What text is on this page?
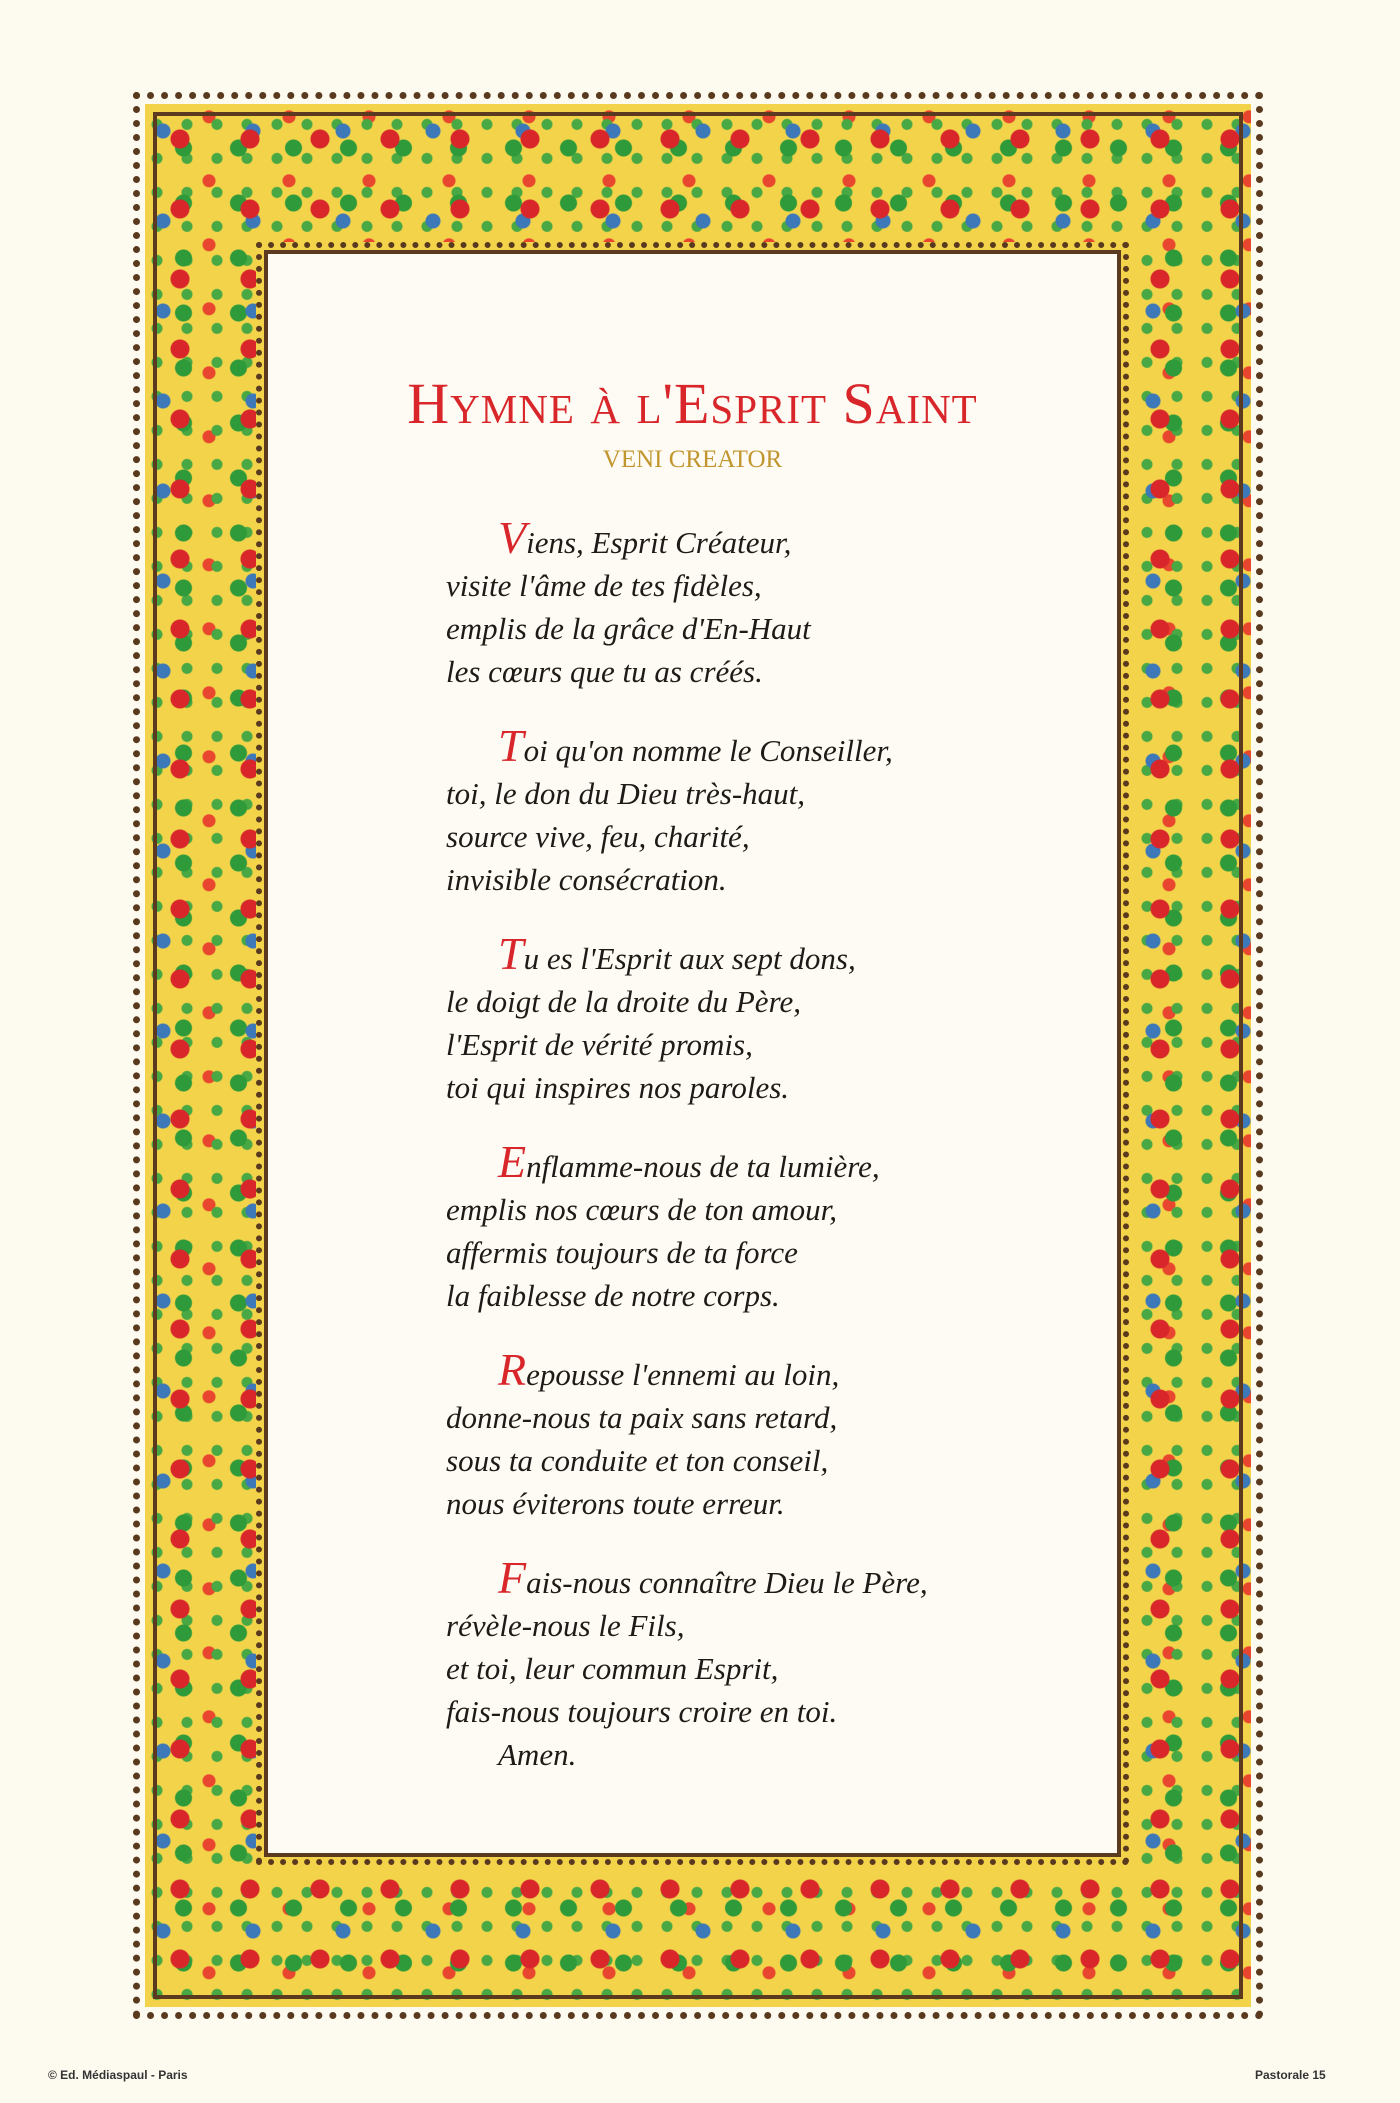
Hymne à l'Esprit Saint
VENI CREATOR
Viens, Esprit Créateur,
visite l'âme de tes fidèles,
emplis de la grâce d'En-Haut
les cœurs que tu as créés.
Toi qu'on nomme le Conseiller,
toi, le don du Dieu très-haut,
source vive, feu, charité,
invisible consécration.
Tu es l'Esprit aux sept dons,
le doigt de la droite du Père,
l'Esprit de vérité promis,
toi qui inspires nos paroles.
Enflamme-nous de ta lumière,
emplis nos cœurs de ton amour,
affermis toujours de ta force
la faiblesse de notre corps.
Repousse l'ennemi au loin,
donne-nous ta paix sans retard,
sous ta conduite et ton conseil,
nous éviterons toute erreur.
Fais-nous connaître Dieu le Père,
révèle-nous le Fils,
et toi, leur commun Esprit,
fais-nous toujours croire en toi.
Amen.
© Ed. Médiaspaul - Paris	Pastorale 15
